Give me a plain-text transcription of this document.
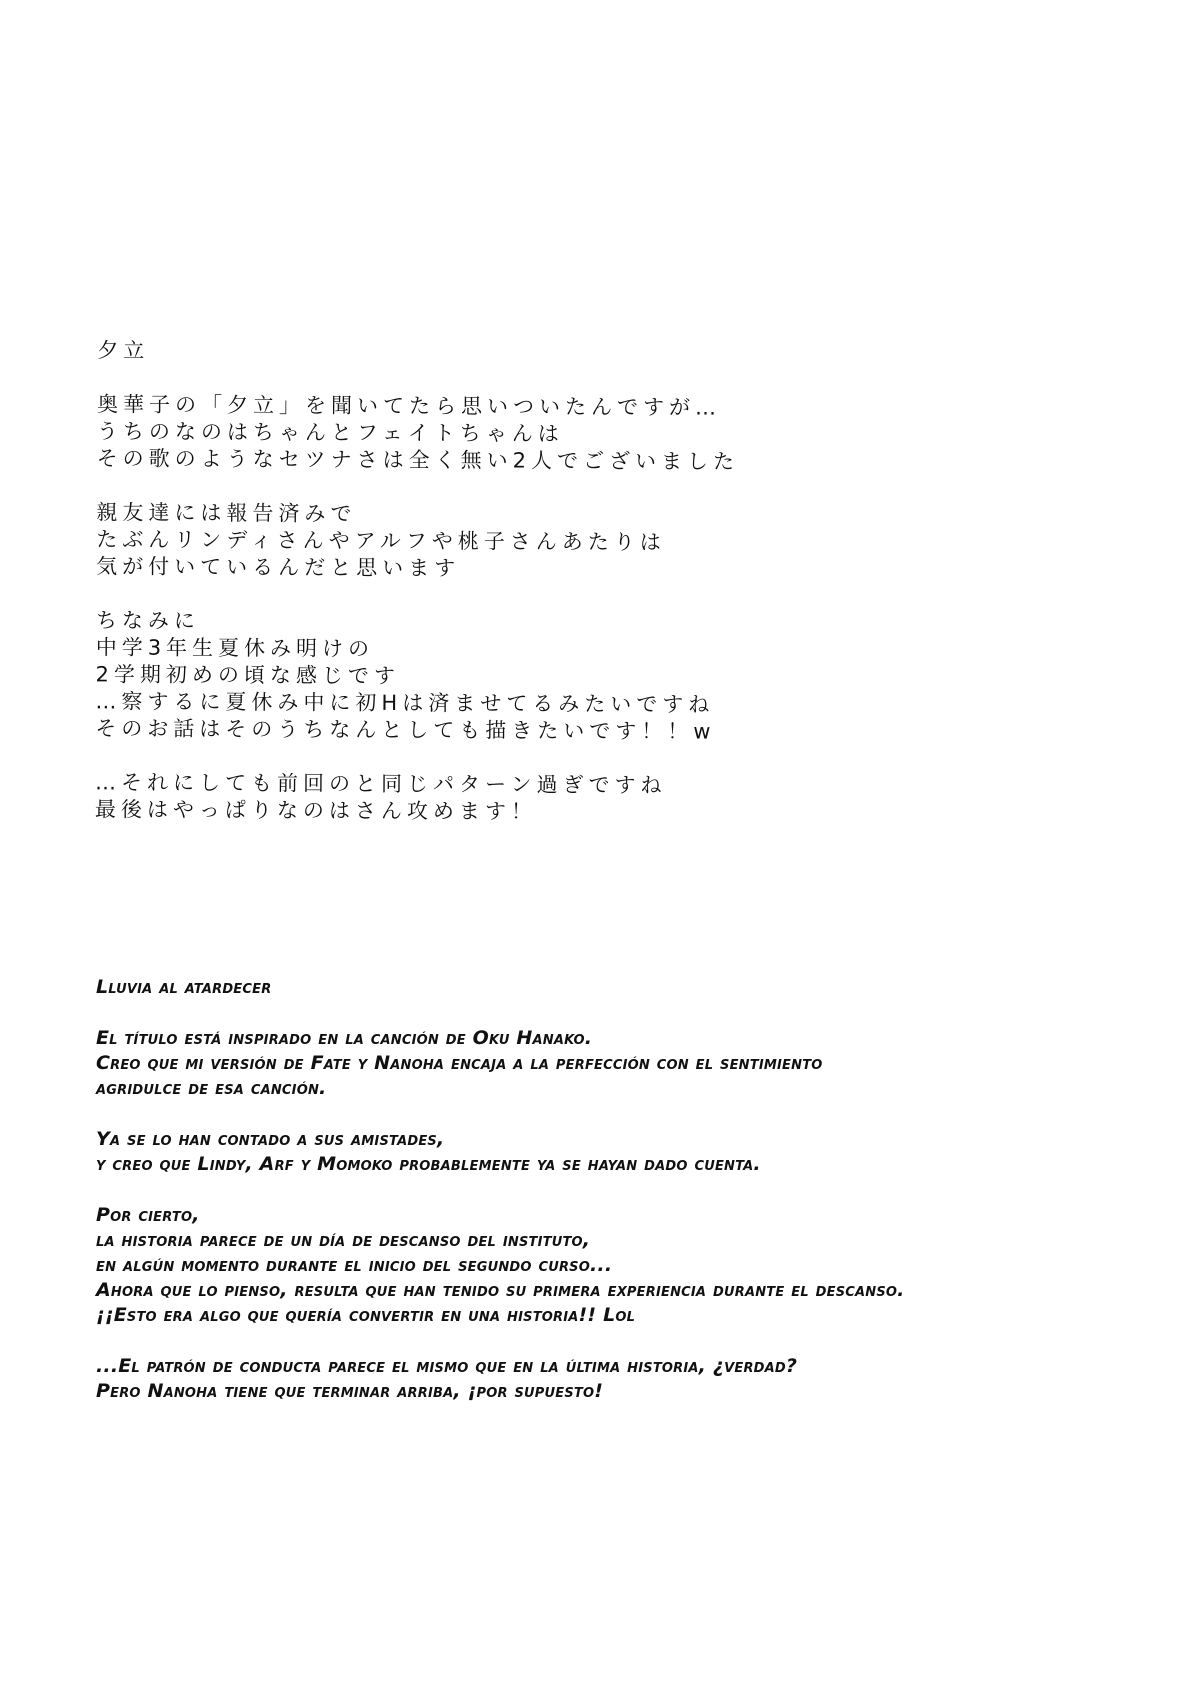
夕立
奥華子の「夕立」を聞いてたら思いついたんですが…
うちのなのはちゃんとフェイトちゃんは
その歌のようなセツナさは全く無い2人でございました
親友達には報告済みで
たぶんリンディさんやアルフや桃子さんあたりは
気が付いているんだと思います
ちなみに
中学3年生夏休み明けの
2学期初めの頃な感じです
…察するに夏休み中に初Hは済ませてるみたいですね
そのお話はそのうちなんとしても描きたいです！！w
…それにしても前回のと同じパターン過ぎですね
最後はやっぱりなのはさん攻めます！
Lluvia al atardecer
El título está inspirado en la canción de Oku Hanako.
Creo que mi versión de Fate y Nanoha encaja a la perfección con el sentimiento
agridulce de esa canción.
Ya se lo han contado a sus amistades,
y creo que Lindy, Arf y Momoko probablemente ya se hayan dado cuenta.
Por cierto,
la historia parece de un día de descanso del instituto,
en algún momento durante el inicio del segundo curso...
Ahora que lo pienso, resulta que han tenido su primera experiencia durante el descanso.
¡¡Esto era algo que quería convertir en una historia!! Lol
...El patrón de conducta parece el mismo que en la última historia, ¿verdad?
Pero Nanoha tiene que terminar arriba, ¡por supuesto!
